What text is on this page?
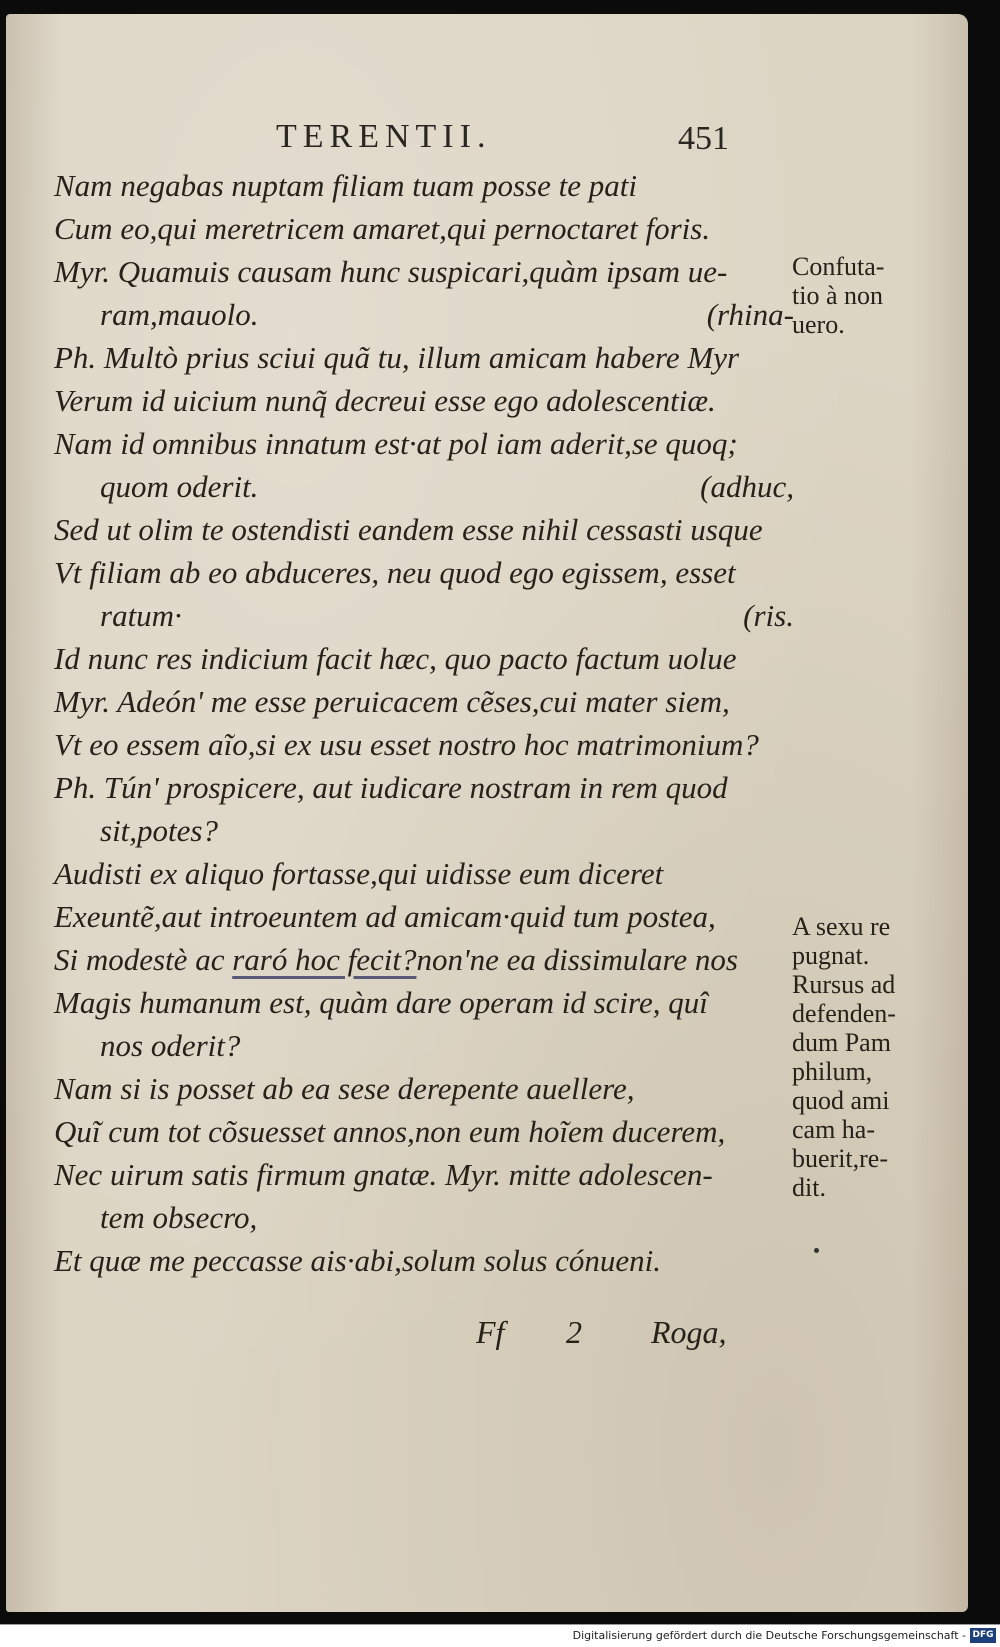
TERENTII.	451
Nam negabas nuptam filiam tuam posse te pati
Cum eo,qui meretricem amaret,qui pernoctaret foris.
Myr. Quamuis causam hunc suspicari,quàm ipsam ue-
ram,mauolo.	(rhina-
Ph. Multò prius sciui quã tu, illum amicam habere Myr
Verum id uicium nunq̃ decreui esse ego adolescentiæ.
Nam id omnibus innatum est·at pol iam aderit,se quoq;
quom oderit.	(adhuc,
Sed ut olim te ostendisti eandem esse nihil cessasti usque
Vt filiam ab eo abduceres, neu quod ego egissem, esset
ratum·	(ris.
Id nunc res indicium facit hæc, quo pacto factum uolue
Myr. Adeón' me esse peruicacem cẽses,cui mater siem,
Vt eo essem aĩo,si ex usu esset nostro hoc matrimonium?
Ph. Tún' prospicere, aut iudicare nostram in rem quod
sit,potes?
Audisti ex aliquo fortasse,qui uidisse eum diceret
Exeuntẽ,aut introeuntem ad amicam·quid tum postea,
Si modestè ac raró hoc fecit?non'ne ea dissimulare nos
Magis humanum est, quàm dare operam id scire, quî
nos oderit?
Nam si is posset ab ea sese derepente auellere,
Quĩ cum tot cõsuesset annos,non eum hoĩem ducerem,
Nec uirum satis firmum gnatæ. Myr. mitte adolescen-
tem obsecro,
Et quæ me peccasse ais·abi,solum solus cónueni.
Confuta-
tio à non
uero.
A sexu re
pugnat.
Rursus ad
defenden-
dum Pam
philum,
quod ami
cam ha-
buerit,re-
dit.
Ff 2 Roga,
Digitalisierung gefördert durch die Deutsche Forschungsgemeinschaft - DFG
